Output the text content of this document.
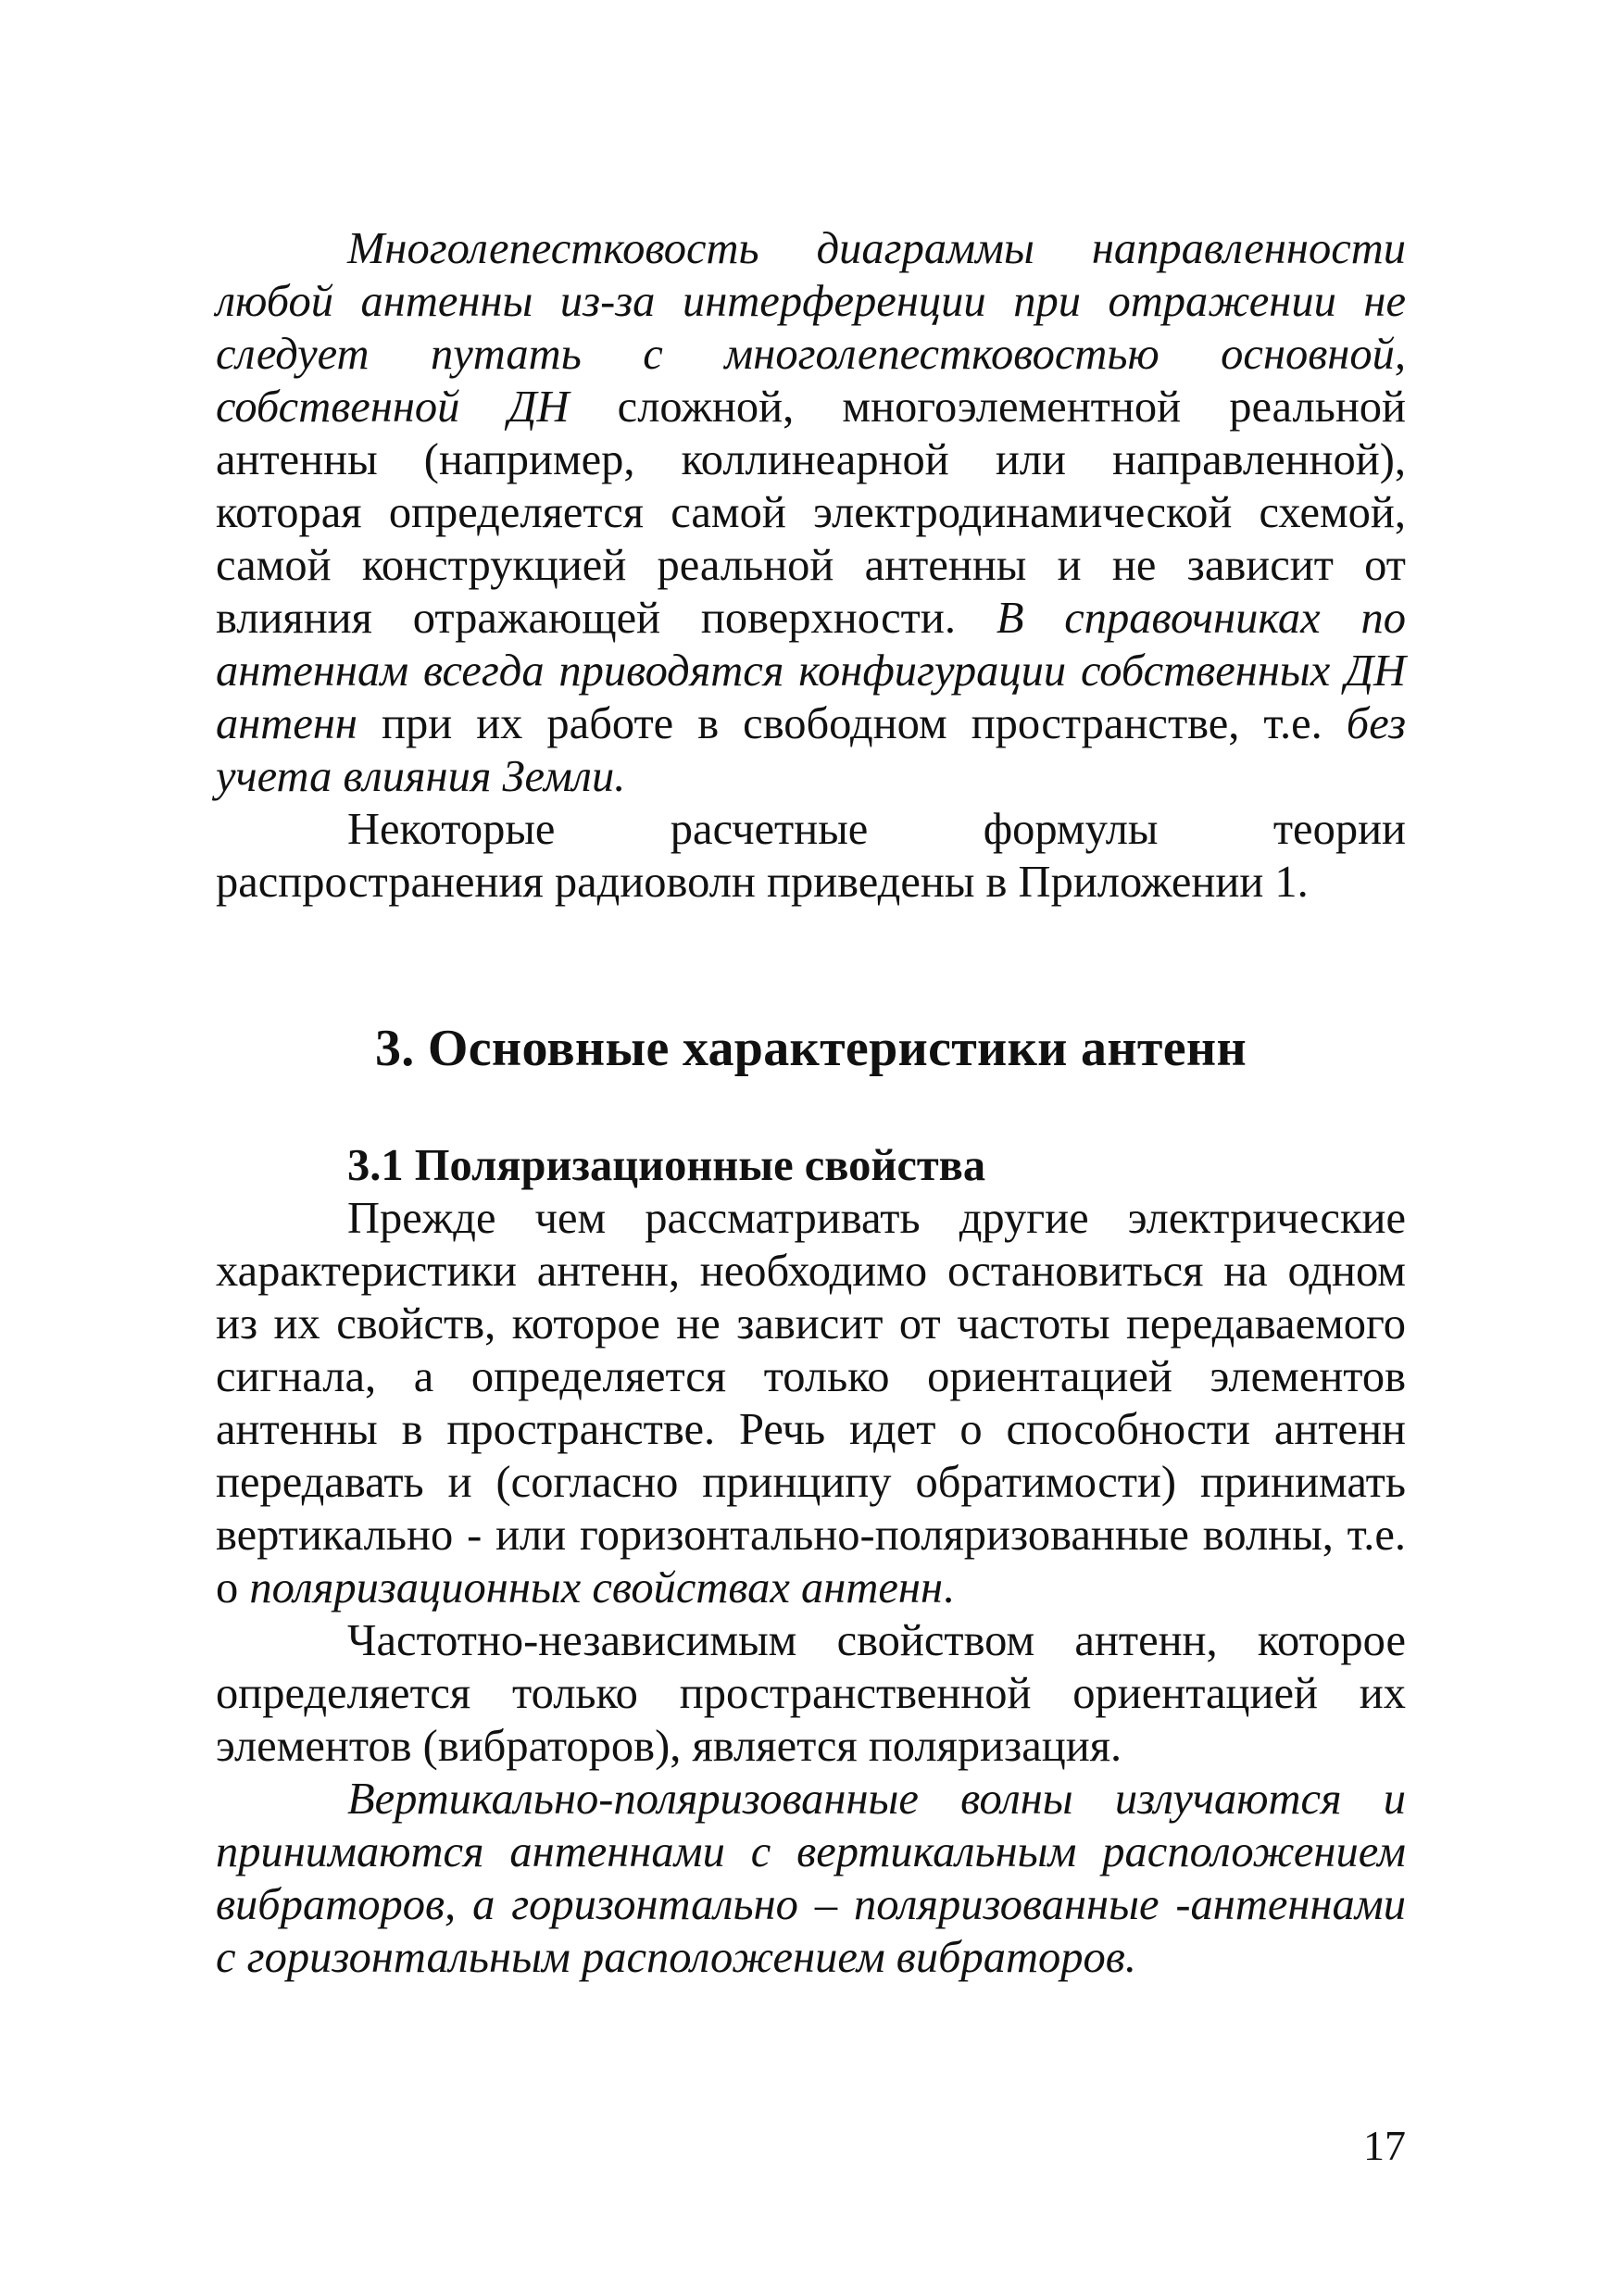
Многолепестковость диаграммы направленности любой антенны из-за интерференции при отражении не следует путать с многолепестковостью основной, собственной ДН сложной, многоэлементной реальной антенны (например, коллинеарной или направленной), которая определяется самой электродинамической схемой, самой конструкцией реальной антенны и не зависит от влияния отражающей поверхности. В справочниках по антеннам всегда приводятся конфигурации собственных ДН антенн при их работе в свободном пространстве, т.е. без учета влияния Земли.

Некоторые расчетные формулы теории распространения радиоволн приведены в Приложении 1.

3. Основные характеристики антенн
3.1 Поляризационные свойства

Прежде чем рассматривать другие электрические характеристики антенн, необходимо остановиться на одном из их свойств, которое не зависит от частоты передаваемого сигнала, а определяется только ориентацией элементов антенны в пространстве. Речь идет о способности антенн передавать и (согласно принципу обратимости) принимать вертикально - или горизонтально-поляризованные волны, т.е. о поляризационных свойствах антенн.

Частотно-независимым свойством антенн, которое определяется только пространственной ориентацией их элементов (вибраторов), является поляризация.

Вертикально-поляризованные волны излучаются и принимаются антеннами с вертикальным расположением вибраторов, а горизонтально – поляризованные -антеннами с горизонтальным расположением вибраторов.

17
